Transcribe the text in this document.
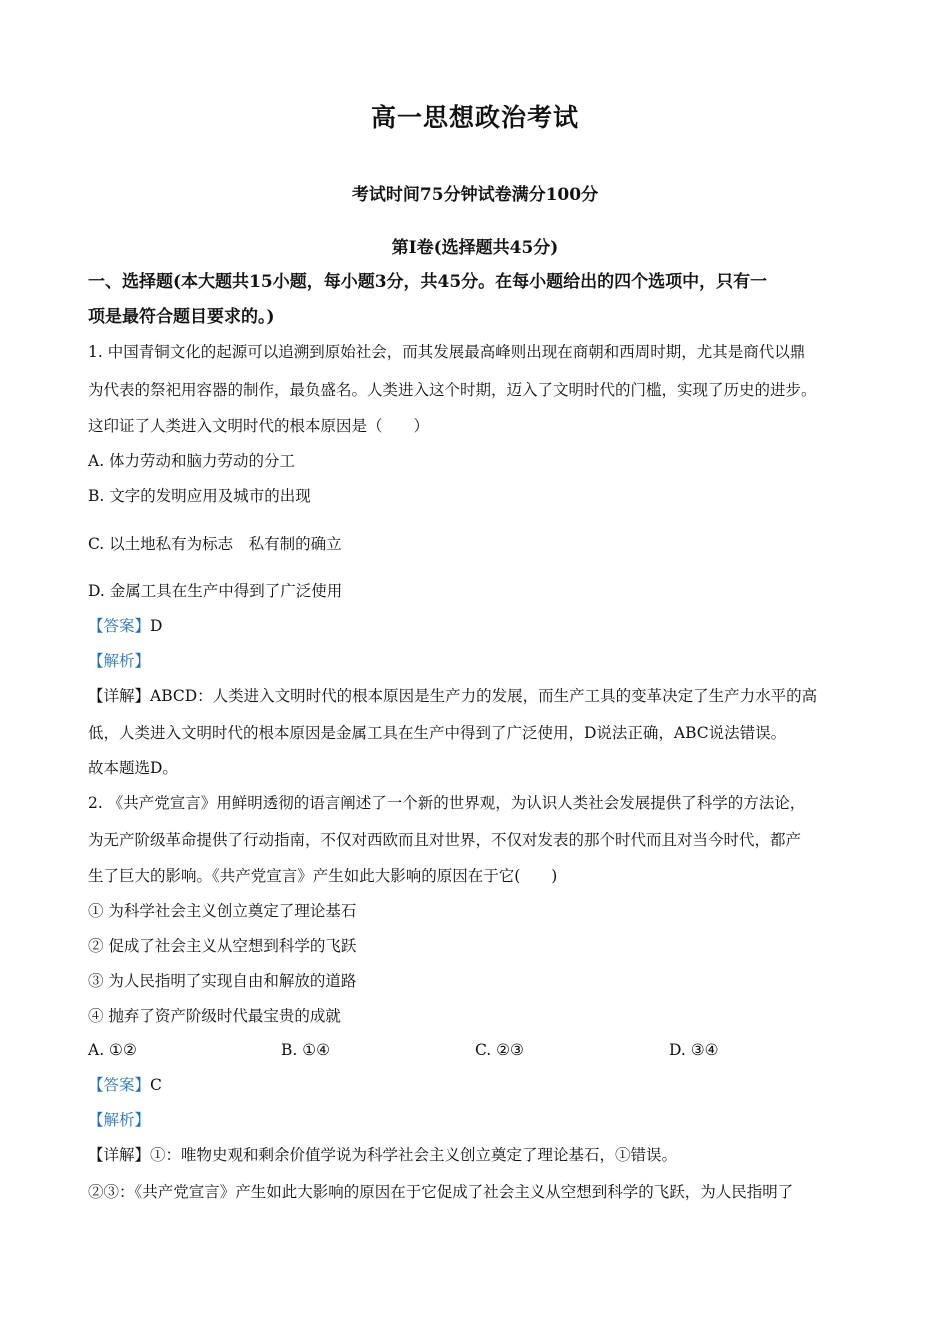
高一思想政治考试
考试时间75分钟试卷满分100分
第Ⅰ卷(选择题共45分)
一、选择题(本大题共15小题，每小题3分，共45分。在每小题给出的四个选项中，只有一
项是最符合题目要求的。)
1. 中国青铜文化的起源可以追溯到原始社会，而其发展最高峰则出现在商朝和西周时期，尤其是商代以鼎
为代表的祭祀用容器的制作，最负盛名。人类进入这个时期，迈入了文明时代的门槛，实现了历史的进步。
这印证了人类进入文明时代的根本原因是（　　）
A. 体力劳动和脑力劳动的分工
B. 文字的发明应用及城市的出现
C. 以土地私有为标志　私有制的确立
D. 金属工具在生产中得到了广泛使用
【答案】D
【解析】
【详解】ABCD：人类进入文明时代的根本原因是生产力的发展，而生产工具的变革决定了生产力水平的高
低，人类进入文明时代的根本原因是金属工具在生产中得到了广泛使用，D说法正确，ABC说法错误。
故本题选D。
2. 《共产党宣言》用鲜明透彻的语言阐述了一个新的世界观，为认识人类社会发展提供了科学的方法论，
为无产阶级革命提供了行动指南，不仅对西欧而且对世界，不仅对发表的那个时代而且对当今时代，都产
生了巨大的影响。《共产党宣言》产生如此大影响的原因在于它(　　)
① 为科学社会主义创立奠定了理论基石
② 促成了社会主义从空想到科学的飞跃
③ 为人民指明了实现自由和解放的道路
④ 抛弃了资产阶级时代最宝贵的成就
A. ①②	B. ①④	C. ②③	D. ③④
【答案】C
【解析】
【详解】①：唯物史观和剩余价值学说为科学社会主义创立奠定了理论基石，①错误。
②③：《共产党宣言》产生如此大影响的原因在于它促成了社会主义从空想到科学的飞跃，为人民指明了
